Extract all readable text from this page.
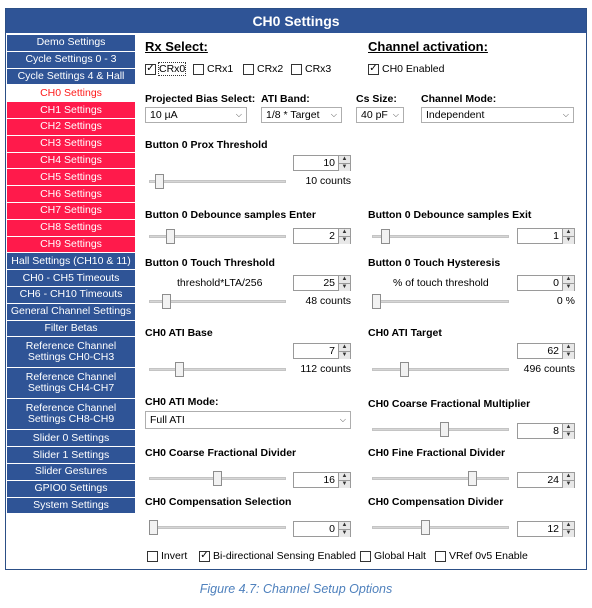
CH0 Settings
Demo Settings
Cycle Settings 0 - 3
Cycle Settings 4 & Hall
CH0 Settings
CH1 Settings
CH2 Settings
CH3 Settings
CH4 Settings
CH5 Settings
CH6 Settings
CH7 Settings
CH8 Settings
CH9 Settings
Hall Settings (CH10 & 11)
CH0 - CH5 Timeouts
CH6 - CH10 Timeouts
General Channel Settings
Filter Betas
Reference Channel Settings CH0-CH3
Reference Channel Settings CH4-CH7
Reference Channel Settings CH8-CH9
Slider 0 Settings
Slider 1 Settings
Slider Gestures
GPIO0 Settings
System Settings
Rx Select:
✓ CRx0 CRx1 CRx2 CRx3
Channel activation:
✓ CH0 Enabled
Projected Bias Select:
10 µA	⌵
ATI Band:
1/8 * Target ⌵
Cs Size:
40 pF ⌵
Channel Mode:
Independent	⌵
Button 0 Prox Threshold
10	▲
▼
10 counts
Button 0 Debounce samples Enter
2	▲
▼
Button 0 Debounce samples Exit
1	▲
▼
Button 0 Touch Threshold
threshold*LTA/256	25	▲
▼
48 counts
Button 0 Touch Hysteresis
% of touch threshold	0	▲
▼
0 %
CH0 ATI Base
7	▲
▼
112 counts
CH0 ATI Target
62	▲
▼
496 counts
CH0 ATI Mode:
Full ATI	⌵
CH0 Coarse Fractional Multiplier
8	▲
▼
CH0 Coarse Fractional Divider
16	▲
▼
CH0 Fine Fractional Divider
24	▲
▼
CH0 Compensation Selection
0	▲
▼
CH0 Compensation Divider
12	▲
▼
Invert ✓ Bi-directional Sensing Enabled Global Halt VRef 0v5 Enable
Figure 4.7: Channel Setup Options
